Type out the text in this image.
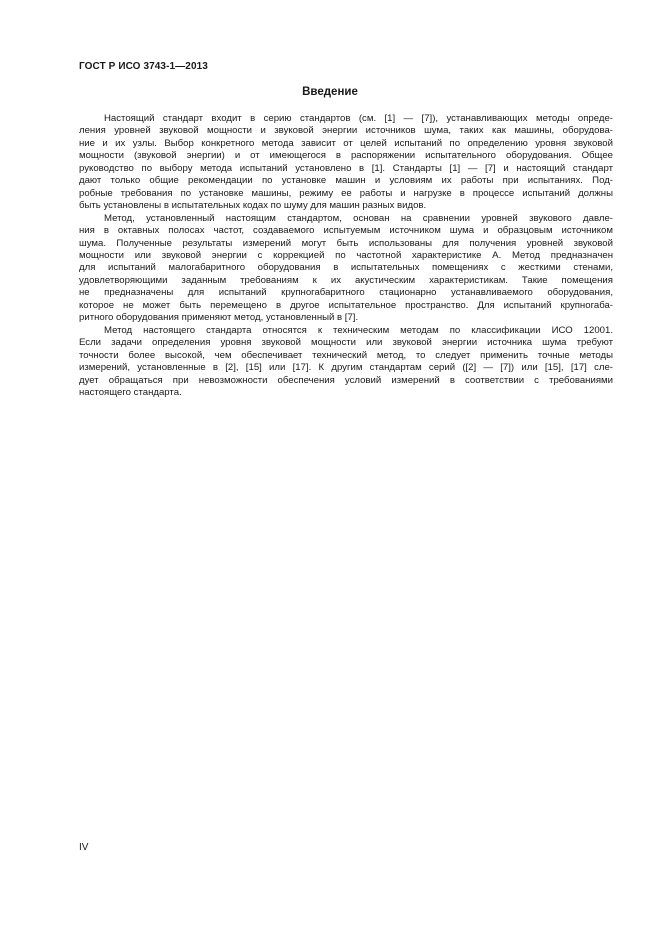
ГОСТ Р ИСО 3743-1—2013
Введение
Настоящий стандарт входит в серию стандартов (см. [1] — [7]), устанавливающих методы опреде-
ления уровней звуковой мощности и звуковой энергии источников шума, таких как машины, оборудова-
ние и их узлы. Выбор конкретного метода зависит от целей испытаний по определению уровня звуковой
мощности (звуковой энергии) и от имеющегося в распоряжении испытательного оборудования. Общее
руководство по выбору метода испытаний установлено в [1]. Стандарты [1] — [7] и настоящий стандарт
дают только общие рекомендации по установке машин и условиям их работы при испытаниях. Под-
робные требования по установке машины, режиму ее работы и нагрузке в процессе испытаний должны
быть установлены в испытательных кодах по шуму для машин разных видов.
Метод, установленный настоящим стандартом, основан на сравнении уровней звукового давле-
ния в октавных полосах частот, создаваемого испытуемым источником шума и образцовым источником
шума. Полученные результаты измерений могут быть использованы для получения уровней звуковой
мощности или звуковой энергии с коррекцией по частотной характеристике А. Метод предназначен
для испытаний малогабаритного оборудования в испытательных помещениях с жесткими стенами,
удовлетворяющими заданным требованиям к их акустическим характеристикам. Такие помещения
не предназначены для испытаний крупногабаритного стационарно устанавливаемого оборудования,
которое не может быть перемещено в другое испытательное пространство. Для испытаний крупногаба-
ритного оборудования применяют метод, установленный в [7].
Метод настоящего стандарта относятся к техническим методам по классификации ИСО 12001.
Если задачи определения уровня звуковой мощности или звуковой энергии источника шума требуют
точности более высокой, чем обеспечивает технический метод, то следует применить точные методы
измерений, установленные в [2], [15] или [17]. К другим стандартам серий ([2] — [7]) или [15], [17] сле-
дует обращаться при невозможности обеспечения условий измерений в соответствии с требованиями
настоящего стандарта.
IV
